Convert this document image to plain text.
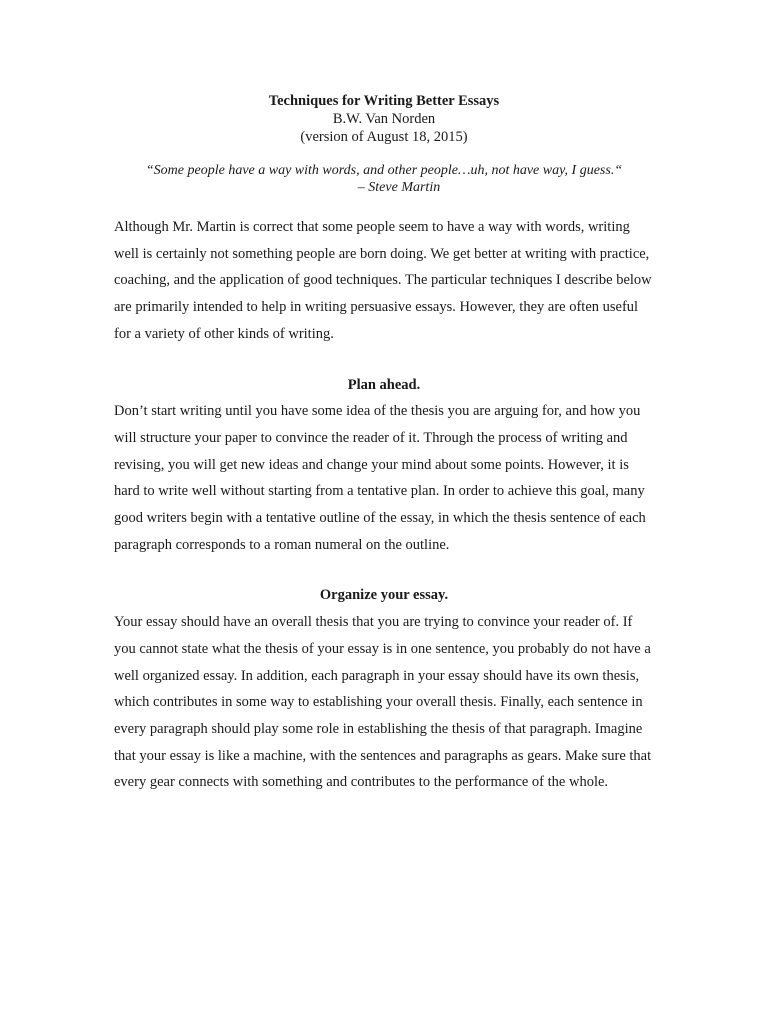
Techniques for Writing Better Essays
B.W. Van Norden
(version of August 18, 2015)
“Some people have a way with words, and other people…uh, not have way, I guess.“
– Steve Martin

Although Mr. Martin is correct that some people seem to have a way with words, writing well is certainly not something people are born doing. We get better at writing with practice, coaching, and the application of good techniques. The particular techniques I describe below are primarily intended to help in writing persuasive essays. However, they are often useful for a variety of other kinds of writing.

Plan ahead.

Don’t start writing until you have some idea of the thesis you are arguing for, and how you will structure your paper to convince the reader of it. Through the process of writing and revising, you will get new ideas and change your mind about some points. However, it is hard to write well without starting from a tentative plan. In order to achieve this goal, many good writers begin with a tentative outline of the essay, in which the thesis sentence of each paragraph corresponds to a roman numeral on the outline.

Organize your essay.

Your essay should have an overall thesis that you are trying to convince your reader of. If you cannot state what the thesis of your essay is in one sentence, you probably do not have a well organized essay. In addition, each paragraph in your essay should have its own thesis, which contributes in some way to establishing your overall thesis. Finally, each sentence in every paragraph should play some role in establishing the thesis of that paragraph. Imagine that your essay is like a machine, with the sentences and paragraphs as gears. Make sure that every gear connects with something and contributes to the performance of the whole.
